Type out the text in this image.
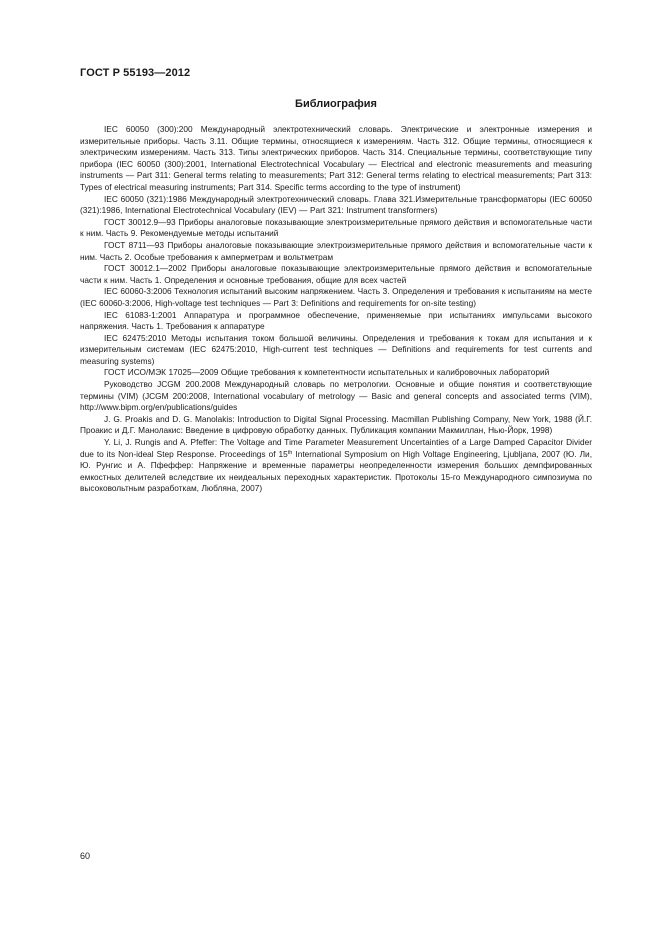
ГОСТ Р 55193—2012
Библиография
IEC 60050 (300):200 Международный электротехнический словарь. Электрические и электронные измерения и измерительные приборы. Часть 3.11. Общие термины, относящиеся к измерениям. Часть 312. Общие термины, относящиеся к электрическим измерениям. Часть 313. Типы электрических приборов. Часть 314. Специальные термины, соответствующие типу прибора (IEC 60050 (300):2001, International Electrotechnical Vocabulary — Electrical and electronic measurements and measuring instruments — Part 311: General terms relating to measurements; Part 312: General terms relating to electrical measurements; Part 313: Types of electrical measuring instruments; Part 314. Specific terms according to the type of instrument)
IEC 60050 (321):1986 Международный электротехнический словарь. Глава 321.Измерительные трансформаторы (IEC 60050 (321):1986, International Electrotechnical Vocabulary (IEV) — Part 321: Instrument transformers)
ГОСТ 30012.9—93 Приборы аналоговые показывающие электроизмерительные прямого действия и вспомогательные части к ним. Часть 9. Рекомендуемые методы испытаний
ГОСТ 8711—93 Приборы аналоговые показывающие электроизмерительные прямого действия и вспомогательные части к ним. Часть 2. Особые требования к амперметрам и вольтметрам
ГОСТ 30012.1—2002 Приборы аналоговые показывающие электроизмерительные прямого действия и вспомогательные части к ним. Часть 1. Определения и основные требования, общие для всех частей
IEC 60060-3:2006 Технология испытаний высоким напряжением. Часть 3. Определения и требования к испытаниям на месте (IEC 60060-3:2006, High-voltage test techniques — Part 3: Definitions and requirements for on-site testing)
IEC 61083-1:2001 Аппаратура и программное обеспечение, применяемые при испытаниях импульсами высокого напряжения. Часть 1. Требования к аппаратуре
IEC 62475:2010 Методы испытания током большой величины. Определения и требования к токам для испытания и к измерительным системам (IEC 62475:2010, High-current test techniques — Definitions and requirements for test currents and measuring systems)
ГОСТ ИСО/МЭК 17025—2009 Общие требования к компетентности испытательных и калибровочных лабораторий
Руководство JCGM 200.2008 Международный словарь по метрологии. Основные и общие понятия и соответствующие термины (VIM) (JCGM 200:2008, International vocabulary of metrology — Basic and general concepts and associated terms (VIM), http://www.bipm.org/en/publications/guides
J. G. Proakis and D. G. Manolakis: Introduction to Digital Signal Processing. Macmillan Publishing Company, New York, 1988 (Й.Г. Проакис и Д.Г. Манолакис: Введение в цифровую обработку данных. Публикация компании Макмиллан, Нью-Йорк, 1998)
Y. Li, J. Rungis and A. Pfeffer: The Voltage and Time Parameter Measurement Uncertainties of a Large Damped Capacitor Divider due to its Non-ideal Step Response. Proceedings of 15th International Symposium on High Voltage Engineering, Ljubljana, 2007 (Ю. Ли, Ю. Рунгис и А. Пфеффер: Напряжение и временные параметры неопределенности измерения больших демпфированных емкостных делителей вследствие их неидеальных переходных характеристик. Протоколы 15-го Международного симпозиума по высоковольтным разработкам, Любляна, 2007)
60
